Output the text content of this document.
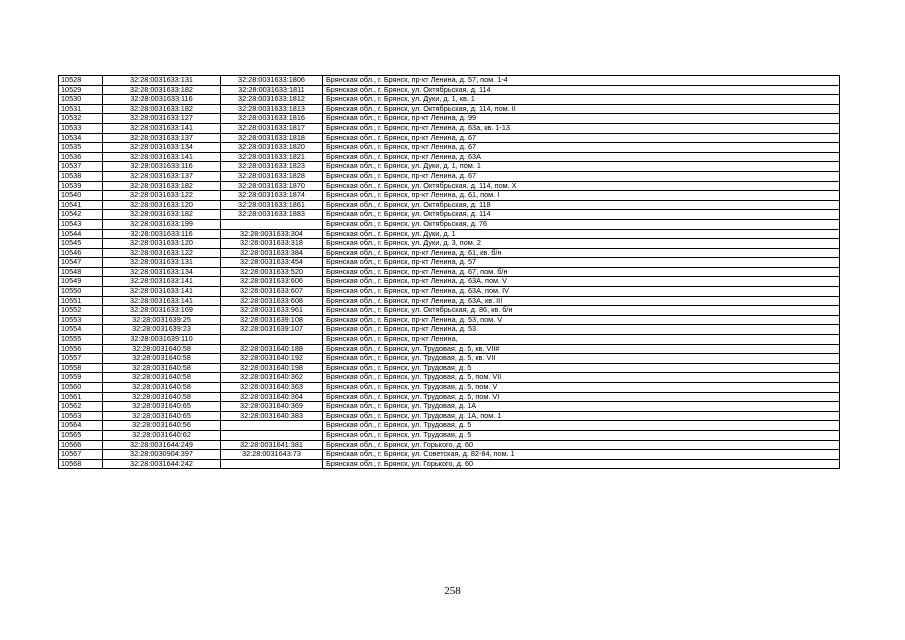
10528	32:28:0031633:131	32:28:0031633:1806	Брянская обл., г. Брянск, пр-кт Ленина, д. 57, пом. 1-4
10529	32:28:0031633:182	32:28:0031633:1811	Брянская обл., г. Брянск, ул. Октябрьская, д. 114
10530	32:28:0031633:116	32:28:0031633:1812	Брянская обл., г. Брянск, ул. Дуки, д. 1, кв. 1
10531	32:28:0031633:182	32:28:0031633:1813	Брянская обл., г. Брянск, ул. Октябрьская, д. 114, пом. II
10532	32:28:0031633:127	32:28:0031633:1816	Брянская обл., г. Брянск, пр-кт Ленина, д. 99
10533	32:28:0031633:141	32:28:0031633:1817	Брянская обл., г. Брянск, пр-кт Ленина, д. 63а, кв. 1-13
10534	32:28:0031633:137	32:28:0031633:1818	Брянская обл., г. Брянск, пр-кт Ленина, д. 67
10535	32:28:0031633:134	32:28:0031633:1820	Брянская обл., г. Брянск, пр-кт Ленина, д. 67
10536	32:28:0031633:141	32:28:0031633:1821	Брянская обл., г. Брянск, пр-кт Ленина, д. 63А
10537	32:28:0031633:116	32:28:0031633:1823	Брянская обл., г. Брянск, ул. Дуки, д. 1, пом. 1
10538	32:28:0031633:137	32:28:0031633:1828	Брянская обл., г. Брянск, пр-кт Ленина, д. 67
10539	32:28:0031633:182	32:28:0031633:1870	Брянская обл., г. Брянск, ул. Октябрьская, д. 114, пом. X
10540	32:28:0031633:122	32:28:0031633:1874	Брянская обл., г. Брянск, пр-кт Ленина, д. 61, пом. I
10541	32:28:0031633:120	32:28:0031633:1861	Брянская обл., г. Брянск, ул. Октябрьская, д. 118
10542	32:28:0031633:182	32:28:0031633:1883	Брянская обл., г. Брянск, ул. Октябрьская, д. 114
10543	32:28:0031633:199		Брянская обл., г. Брянск, ул. Октябрьская, д. 76
10544	32:28:0031633:116	32:28:0031633:304	Брянская обл., г. Брянск, ул. Дуки, д. 1
10545	32:28:0031633:120	32:28:0031633:318	Брянская обл., г. Брянск, ул. Дуки, д. 3, пом. 2
10546	32:28:0031633:122	32:28:0031633:384	Брянская обл., г. Брянск, пр-кт Ленина, д. 61, кв. б/н
10547	32:28:0031633:131	32:28:0031633:454	Брянская обл., г. Брянск, пр-кт Ленина, д. 57
10548	32:28:0031633:134	32:28:0031633:520	Брянская обл., г. Брянск, пр-кт Ленина, д. 67, пом. б/н
10549	32:28:0031633:141	32:28:0031633:606	Брянская обл., г. Брянск, пр-кт Ленина, д. 63А, пом. V
10550	32:28:0031633:141	32:28:0031633:607	Брянская обл., г. Брянск, пр-кт Ленина, д. 63А, пом. IV
10551	32:28:0031633:141	32:28:0031633:608	Брянская обл., г. Брянск, пр-кт Ленина, д. 63А, кв. III
10552	32:28:0031633:169	32:28:0031633:961	Брянская обл., г. Брянск, ул. Октябрьская, д. 86, кв. б/н
10553	32:28:0031639:25	32:28:0031639:108	Брянская обл., г. Брянск, пр-кт Ленина, д. 53, пом. V
10554	32:28:0031639:23	32:28:0031639:107	Брянская обл., г. Брянск, пр-кт Ленина, д. 53
10555	32:28:0031639:110		Брянская обл., г. Брянск, пр-кт Ленина,
10556	32:28:0031640:58	32:28:0031640:188	Брянская обл., г. Брянск, ул. Трудовая, д. 5, кв. VII#
10557	32:28:0031640:58	32:28:0031640:192	Брянская обл., г. Брянск, ул. Трудовая, д. 5, кв. VII
10558	32:28:0031640:58	32:28:0031640:198	Брянская обл., г. Брянск, ул. Трудовая, д. 5
10559	32:28:0031640:58	32:28:0031640:362	Брянская обл., г. Брянск, ул. Трудовая, д. 5, пом. VII
10560	32:28:0031640:58	32:28:0031640:363	Брянская обл., г. Брянск, ул. Трудовая, д. 5, пом. V
10561	32:28:0031640:58	32:28:0031640:364	Брянская обл., г. Брянск, ул. Трудовая, д. 5, пом. VI
10562	32:28:0031640:65	32:28:0031640:369	Брянская обл., г. Брянск, ул. Трудовая, д. 1А
10563	32:28:0031640:65	32:28:0031640:383	Брянская обл., г. Брянск, ул. Трудовая, д. 1А, пом. 1
10564	32:28:0031640:56		Брянская обл., г. Брянск, ул. Трудовая, д. 5
10565	32:28:0031640:62		Брянская обл., г. Брянск, ул. Трудовая, д. 5
10566	32:28:0031644:249	32:28:0031641:381	Брянская обл., г. Брянск, ул. Горького, д. 60
10567	32:28:0030904:397	32:28:0031643:73	Брянская обл., г. Брянск, ул. Советская, д. 82-84, пом. 1
10568	32:28:0031644:242		Брянская обл., г. Брянск, ул. Горького, д. 60
258
